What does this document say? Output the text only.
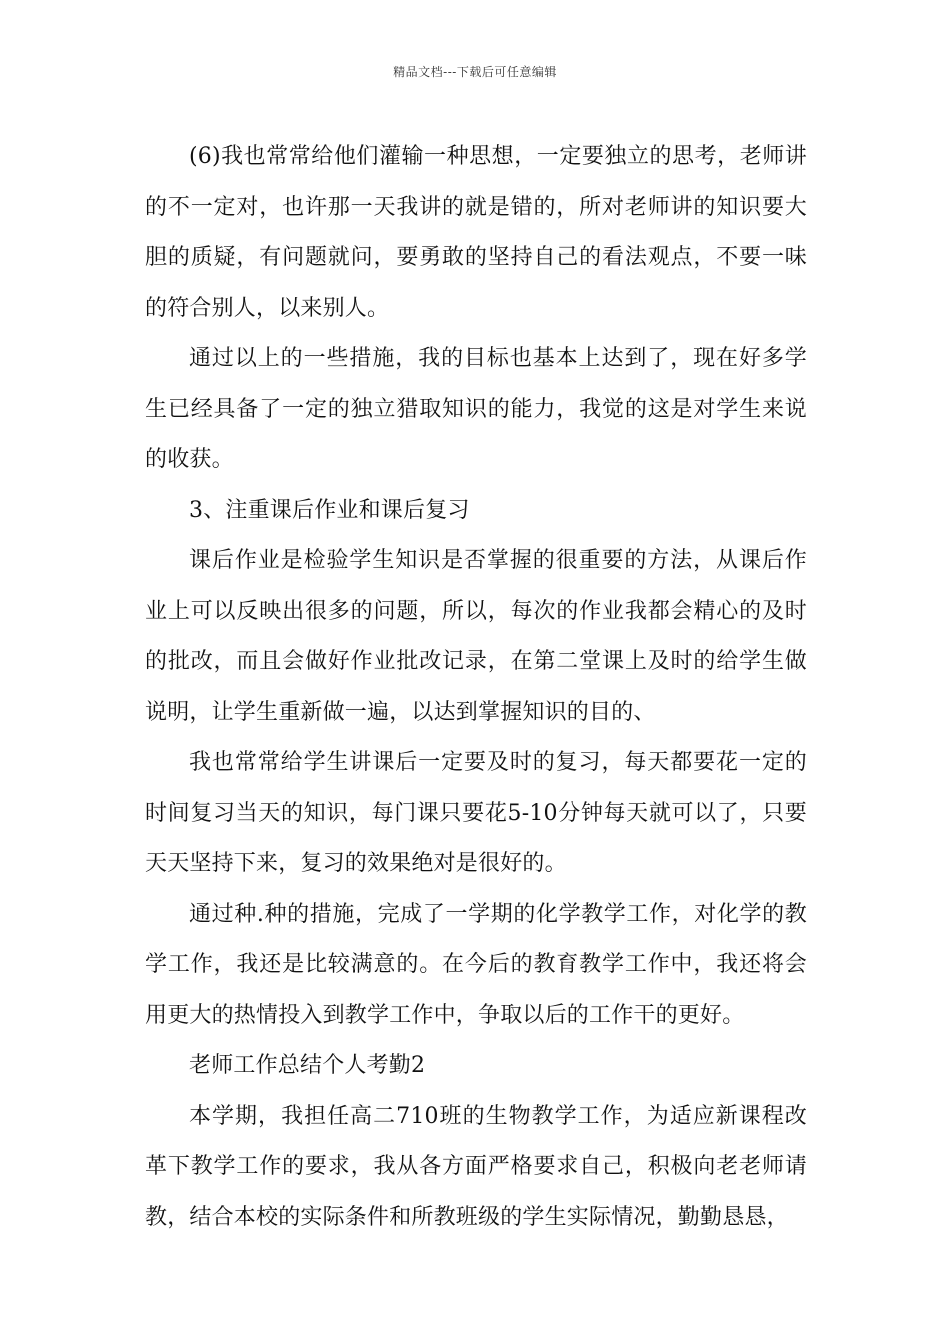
精品文档---下载后可任意编辑

(6)我也常常给他们灌输一种思想，一定要独立的思考，老师讲的不一定对，也许那一天我讲的就是错的，所对老师讲的知识要大胆的质疑，有问题就问，要勇敢的坚持自己的看法观点，不要一味的符合别人，以来别人。

通过以上的一些措施，我的目标也基本上达到了，现在好多学生已经具备了一定的独立猎取知识的能力，我觉的这是对学生来说的收获。

3、注重课后作业和课后复习

课后作业是检验学生知识是否掌握的很重要的方法，从课后作业上可以反映出很多的问题，所以，每次的作业我都会精心的及时的批改，而且会做好作业批改记录，在第二堂课上及时的给学生做说明，让学生重新做一遍，以达到掌握知识的目的、

我也常常给学生讲课后一定要及时的复习，每天都要花一定的时间复习当天的知识，每门课只要花5-10分钟每天就可以了，只要天天坚持下来，复习的效果绝对是很好的。

通过种.种的措施，完成了一学期的化学教学工作，对化学的教学工作，我还是比较满意的。在今后的教育教学工作中，我还将会用更大的热情投入到教学工作中，争取以后的工作干的更好。

老师工作总结个人考勤2

本学期，我担任高二710班的生物教学工作，为适应新课程改革下教学工作的要求，我从各方面严格要求自己，积极向老老师请教，结合本校的实际条件和所教班级的学生实际情况，勤勤恳恳，
